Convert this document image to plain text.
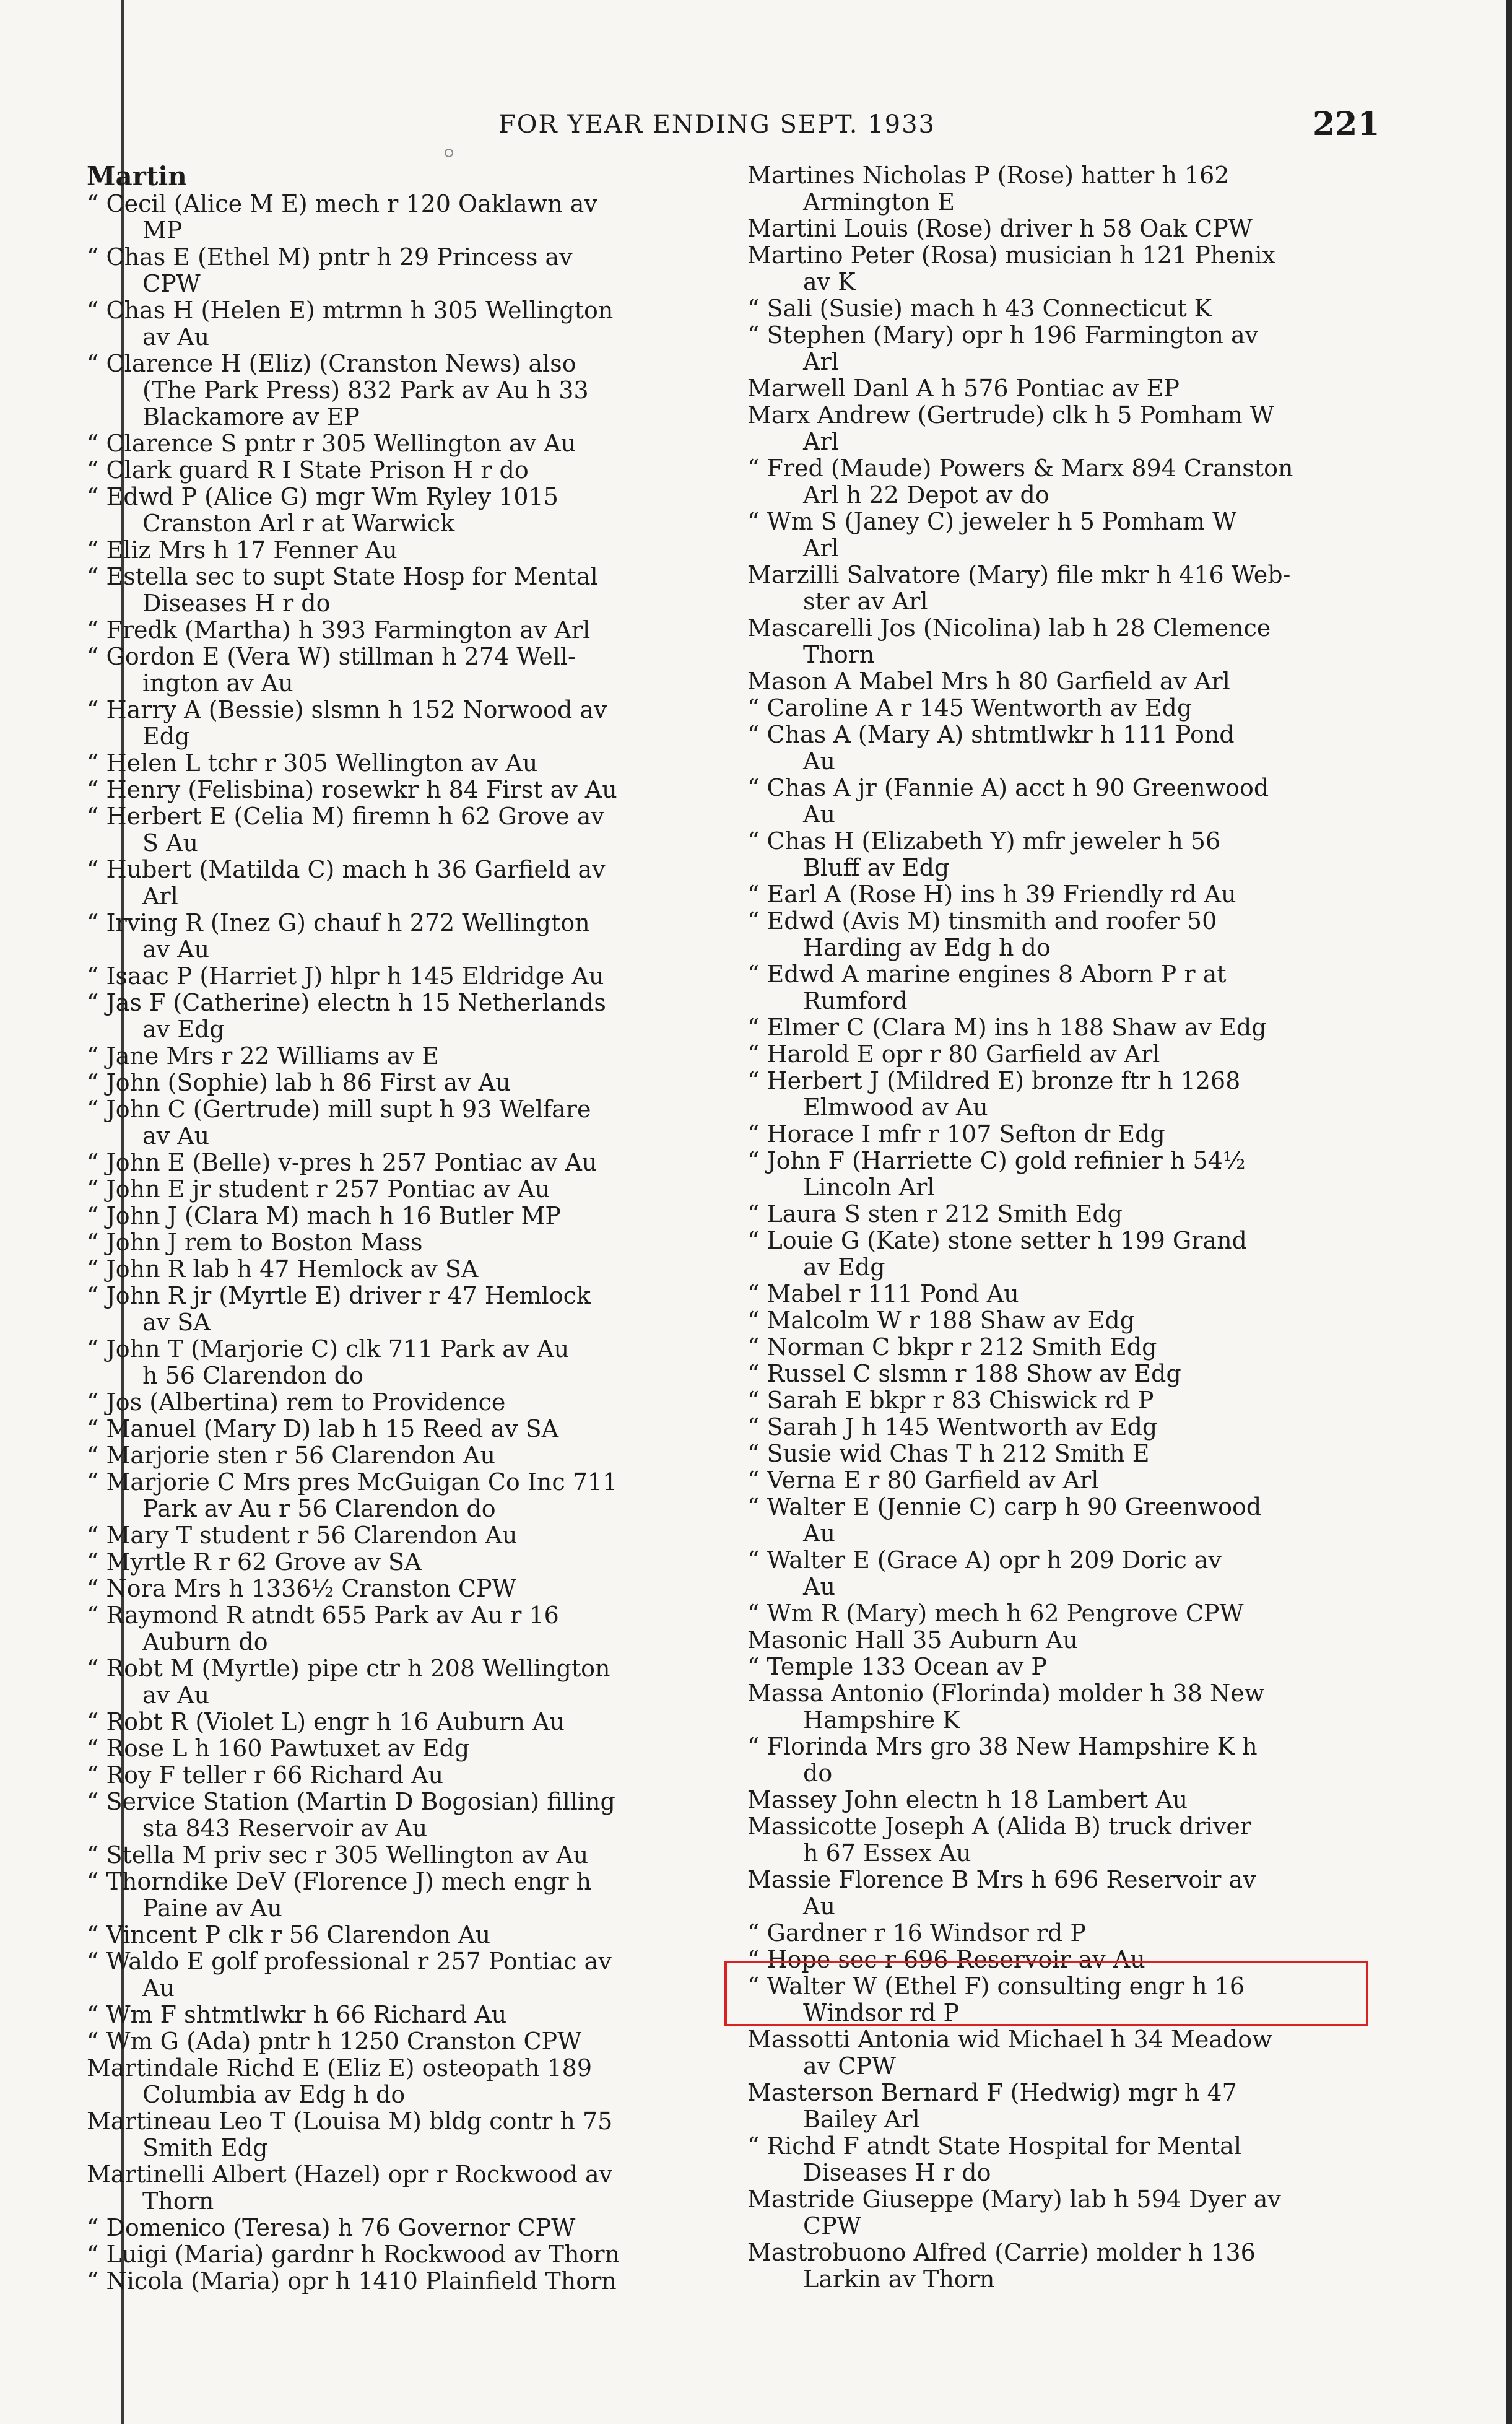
FOR YEAR ENDING SEPT. 1933	221
Martin
“ Cecil (Alice M E) mech r 120 Oaklawn av
MP
“ Chas E (Ethel M) pntr h 29 Princess av
CPW
“ Chas H (Helen E) mtrmn h 305 Wellington
av Au
“ Clarence H (Eliz) (Cranston News) also
(The Park Press) 832 Park av Au h 33
Blackamore av EP
“ Clarence S pntr r 305 Wellington av Au
“ Clark guard R I State Prison H r do
“ Edwd P (Alice G) mgr Wm Ryley 1015
Cranston Arl r at Warwick
“ Eliz Mrs h 17 Fenner Au
“ Estella sec to supt State Hosp for Mental
Diseases H r do
“ Fredk (Martha) h 393 Farmington av Arl
“ Gordon E (Vera W) stillman h 274 Well-
ington av Au
“ Harry A (Bessie) slsmn h 152 Norwood av
Edg
“ Helen L tchr r 305 Wellington av Au
“ Henry (Felisbina) rosewkr h 84 First av Au
“ Herbert E (Celia M) firemn h 62 Grove av
S Au
“ Hubert (Matilda C) mach h 36 Garfield av
Arl
“ Irving R (Inez G) chauf h 272 Wellington
av Au
“ Isaac P (Harriet J) hlpr h 145 Eldridge Au
“ Jas F (Catherine) electn h 15 Netherlands
av Edg
“ Jane Mrs r 22 Williams av E
“ John (Sophie) lab h 86 First av Au
“ John C (Gertrude) mill supt h 93 Welfare
av Au
“ John E (Belle) v-pres h 257 Pontiac av Au
“ John E jr student r 257 Pontiac av Au
“ John J (Clara M) mach h 16 Butler MP
“ John J rem to Boston Mass
“ John R lab h 47 Hemlock av SA
“ John R jr (Myrtle E) driver r 47 Hemlock
av SA
“ John T (Marjorie C) clk 711 Park av Au
h 56 Clarendon do
“ Jos (Albertina) rem to Providence
“ Manuel (Mary D) lab h 15 Reed av SA
“ Marjorie sten r 56 Clarendon Au
“ Marjorie C Mrs pres McGuigan Co Inc 711
Park av Au r 56 Clarendon do
“ Mary T student r 56 Clarendon Au
“ Myrtle R r 62 Grove av SA
“ Nora Mrs h 1336½ Cranston CPW
“ Raymond R atndt 655 Park av Au r 16
Auburn do
“ Robt M (Myrtle) pipe ctr h 208 Wellington
av Au
“ Robt R (Violet L) engr h 16 Auburn Au
“ Rose L h 160 Pawtuxet av Edg
“ Roy F teller r 66 Richard Au
“ Service Station (Martin D Bogosian) filling
sta 843 Reservoir av Au
“ Stella M priv sec r 305 Wellington av Au
“ Thorndike DeV (Florence J) mech engr h
Paine av Au
“ Vincent P clk r 56 Clarendon Au
“ Waldo E golf professional r 257 Pontiac av
Au
“ Wm F shtmtlwkr h 66 Richard Au
“ Wm G (Ada) pntr h 1250 Cranston CPW
Martindale Richd E (Eliz E) osteopath 189
Columbia av Edg h do
Martineau Leo T (Louisa M) bldg contr h 75
Smith Edg
Martinelli Albert (Hazel) opr r Rockwood av
Thorn
“ Domenico (Teresa) h 76 Governor CPW
“ Luigi (Maria) gardnr h Rockwood av Thorn
“ Nicola (Maria) opr h 1410 Plainfield Thorn
Martines Nicholas P (Rose) hatter h 162
Armington E
Martini Louis (Rose) driver h 58 Oak CPW
Martino Peter (Rosa) musician h 121 Phenix
av K
“ Sali (Susie) mach h 43 Connecticut K
“ Stephen (Mary) opr h 196 Farmington av
Arl
Marwell Danl A h 576 Pontiac av EP
Marx Andrew (Gertrude) clk h 5 Pomham W
Arl
“ Fred (Maude) Powers & Marx 894 Cranston
Arl h 22 Depot av do
“ Wm S (Janey C) jeweler h 5 Pomham W
Arl
Marzilli Salvatore (Mary) file mkr h 416 Web-
ster av Arl
Mascarelli Jos (Nicolina) lab h 28 Clemence
Thorn
Mason A Mabel Mrs h 80 Garfield av Arl
“ Caroline A r 145 Wentworth av Edg
“ Chas A (Mary A) shtmtlwkr h 111 Pond
Au
“ Chas A jr (Fannie A) acct h 90 Greenwood
Au
“ Chas H (Elizabeth Y) mfr jeweler h 56
Bluff av Edg
“ Earl A (Rose H) ins h 39 Friendly rd Au
“ Edwd (Avis M) tinsmith and roofer 50
Harding av Edg h do
“ Edwd A marine engines 8 Aborn P r at
Rumford
“ Elmer C (Clara M) ins h 188 Shaw av Edg
“ Harold E opr r 80 Garfield av Arl
“ Herbert J (Mildred E) bronze ftr h 1268
Elmwood av Au
“ Horace I mfr r 107 Sefton dr Edg
“ John F (Harriette C) gold refinier h 54½
Lincoln Arl
“ Laura S sten r 212 Smith Edg
“ Louie G (Kate) stone setter h 199 Grand
av Edg
“ Mabel r 111 Pond Au
“ Malcolm W r 188 Shaw av Edg
“ Norman C bkpr r 212 Smith Edg
“ Russel C slsmn r 188 Show av Edg
“ Sarah E bkpr r 83 Chiswick rd P
“ Sarah J h 145 Wentworth av Edg
“ Susie wid Chas T h 212 Smith E
“ Verna E r 80 Garfield av Arl
“ Walter E (Jennie C) carp h 90 Greenwood
Au
“ Walter E (Grace A) opr h 209 Doric av
Au
“ Wm R (Mary) mech h 62 Pengrove CPW
Masonic Hall 35 Auburn Au
“ Temple 133 Ocean av P
Massa Antonio (Florinda) molder h 38 New
Hampshire K
“ Florinda Mrs gro 38 New Hampshire K h
do
Massey John electn h 18 Lambert Au
Massicotte Joseph A (Alida B) truck driver
h 67 Essex Au
Massie Florence B Mrs h 696 Reservoir av
Au
“ Gardner r 16 Windsor rd P
“ Hope sec r 696 Reservoir av Au
“ Walter W (Ethel F) consulting engr h 16
Windsor rd P
Massotti Antonia wid Michael h 34 Meadow
av CPW
Masterson Bernard F (Hedwig) mgr h 47
Bailey Arl
“ Richd F atndt State Hospital for Mental
Diseases H r do
Mastride Giuseppe (Mary) lab h 594 Dyer av
CPW
Mastrobuono Alfred (Carrie) molder h 136
Larkin av Thorn
